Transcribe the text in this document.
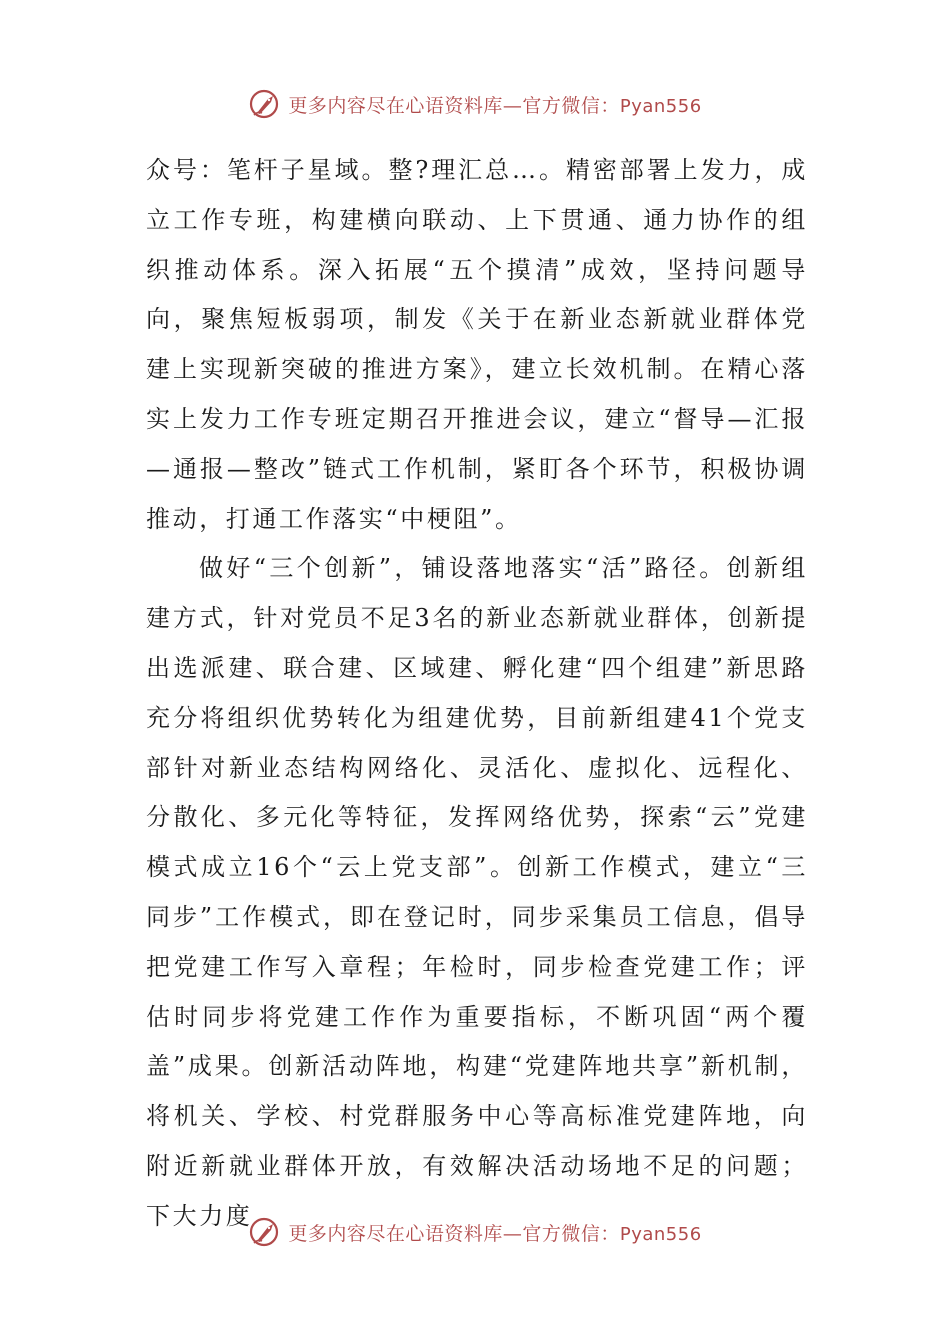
更多内容尽在心语资料库—官方微信：Pyan556

众号：笔杆子星域。整?理汇总…。精密部署上发力，成立工作专班，构建横向联动、上下贯通、通力协作的组织推动体系。深入拓展“五个摸清”成效，坚持问题导向，聚焦短板弱项，制发《关于在新业态新就业群体党建上实现新突破的推进方案》，建立长效机制。在精心落实上发力工作专班定期召开推进会议，建立“督导—汇报—通报—整改”链式工作机制，紧盯各个环节，积极协调推动，打通工作落实“中梗阻”。

做好“三个创新”，铺设落地落实“活”路径。创新组建方式，针对党员不足3名的新业态新就业群体，创新提出选派建、联合建、区域建、孵化建“四个组建”新思路充分将组织优势转化为组建优势，目前新组建41个党支部针对新业态结构网络化、灵活化、虚拟化、远程化、分散化、多元化等特征，发挥网络优势，探索“云”党建模式成立16个“云上党支部”。创新工作模式，建立“三同步”工作模式，即在登记时，同步采集员工信息，倡导把党建工作写入章程；年检时，同步检查党建工作；评估时同步将党建工作作为重要指标，不断巩固“两个覆盖”成果。创新活动阵地，构建“党建阵地共享”新机制，将机关、学校、村党群服务中心等高标准党建阵地，向附近新就业群体开放，有效解决活动场地不足的问题；下大力度

更多内容尽在心语资料库—官方微信：Pyan556
